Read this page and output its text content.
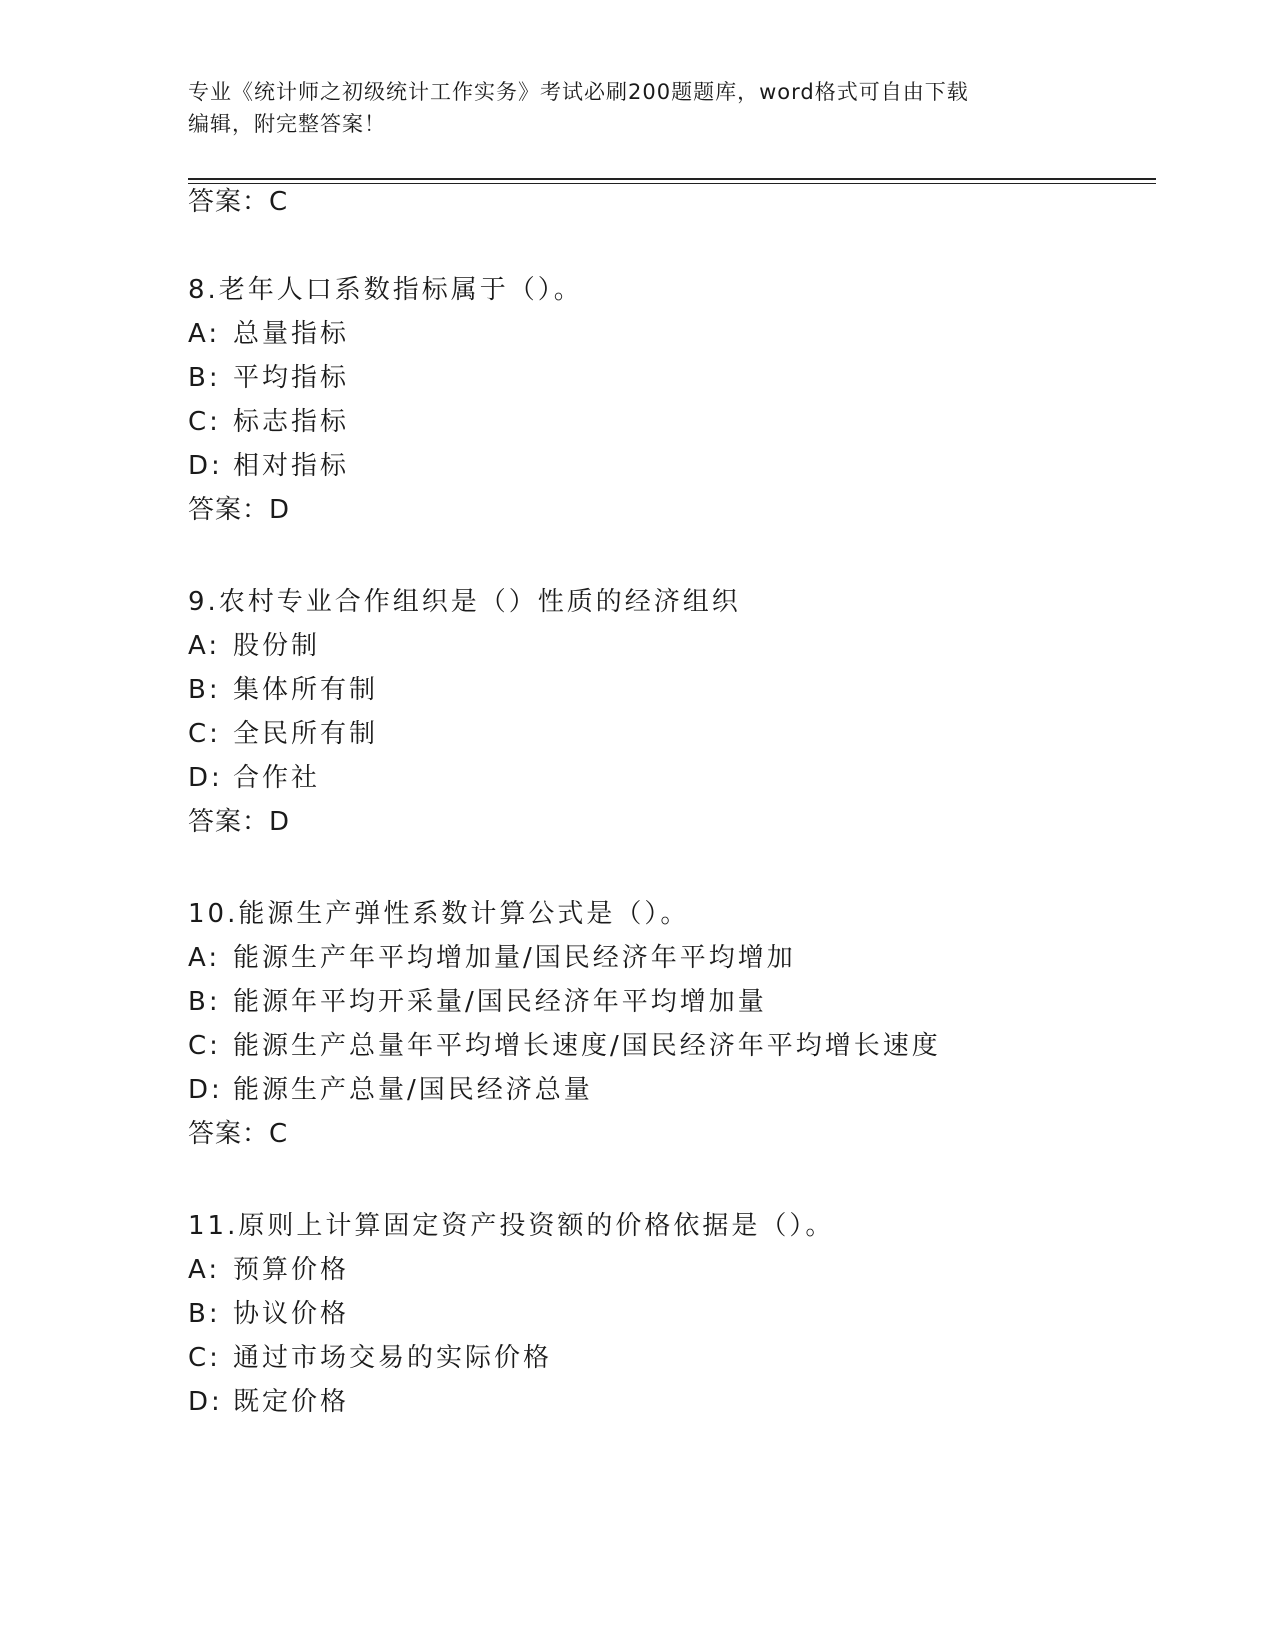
专业《统计师之初级统计工作实务》考试必刷200题题库，word格式可自由下载
编辑，附完整答案！
答案：C
8.老年人口系数指标属于（）。
A: 总量指标
B: 平均指标
C: 标志指标
D: 相对指标
答案：D
9.农村专业合作组织是（）性质的经济组织
A: 股份制
B: 集体所有制
C: 全民所有制
D: 合作社
答案：D
10.能源生产弹性系数计算公式是（）。
A: 能源生产年平均增加量/国民经济年平均增加
B: 能源年平均开采量/国民经济年平均增加量
C: 能源生产总量年平均增长速度/国民经济年平均增长速度
D: 能源生产总量/国民经济总量
答案：C
11.原则上计算固定资产投资额的价格依据是（）。
A: 预算价格
B: 协议价格
C: 通过市场交易的实际价格
D: 既定价格
